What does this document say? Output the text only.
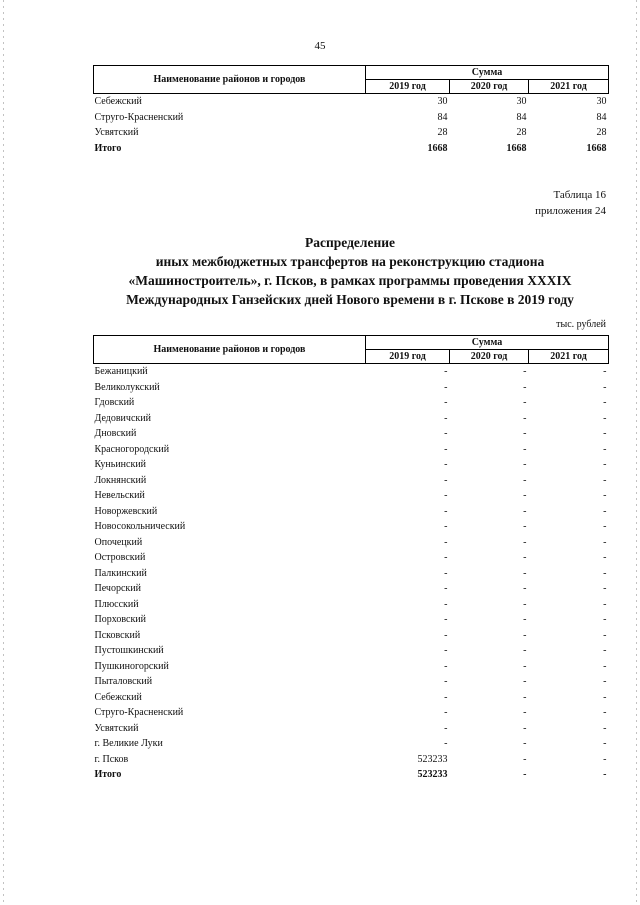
45
Наименование районов и городов	Сумма		
	2019 год	2020 год	2021 год
Себежский	30	30	30
Струго-Красненский	84	84	84
Усвятский	28	28	28
Итого	1668	1668	1668
Таблица 16
приложения 24
Распределение
иных межбюджетных трансфертов на реконструкцию стадиона
«Машиностроитель», г. Псков, в рамках программы проведения XXXIX
Международных Ганзейских дней Нового времени в г. Пскове в 2019 году
тыс. рублей
Наименование районов и городов	Сумма		
	2019 год	2020 год	2021 год
Бежаницкий	-	-	-
Великолукский	-	-	-
Гдовский	-	-	-
Дедовичский	-	-	-
Дновский	-	-	-
Красногородский	-	-	-
Куньинский	-	-	-
Локнянский	-	-	-
Невельский	-	-	-
Новоржевский	-	-	-
Новосокольнический	-	-	-
Опочецкий	-	-	-
Островский	-	-	-
Палкинский	-	-	-
Печорский	-	-	-
Плюсский	-	-	-
Порховский	-	-	-
Псковский	-	-	-
Пустошкинский	-	-	-
Пушкиногорский	-	-	-
Пыталовский	-	-	-
Себежский	-	-	-
Струго-Красненский	-	-	-
Усвятский	-	-	-
г. Великие Луки	-	-	-
г. Псков	523233	-	-
Итого	523233	-	-
